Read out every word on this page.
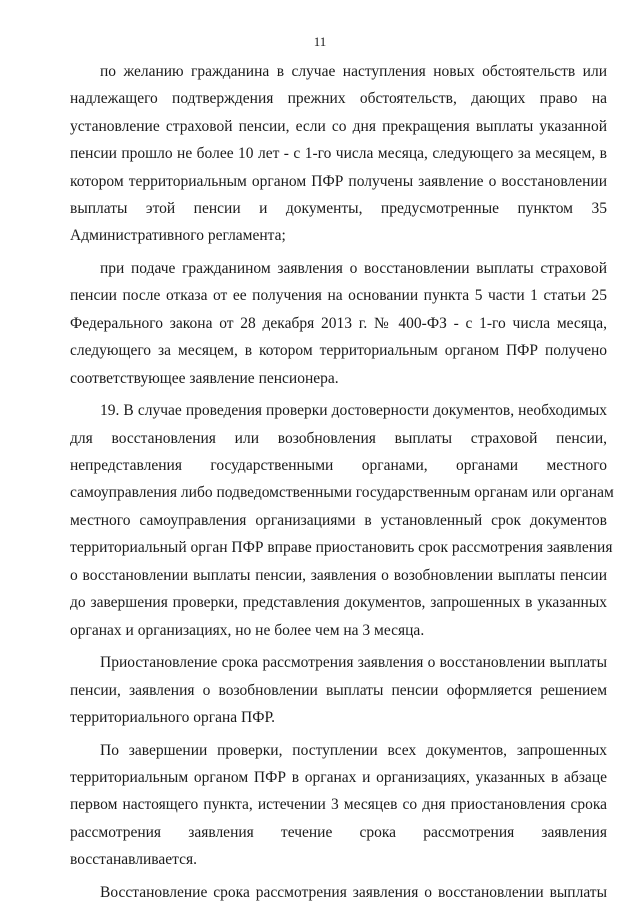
11
по желанию гражданина в случае наступления новых обстоятельств или
надлежащего подтверждения прежних обстоятельств, дающих право на
установление страховой пенсии, если со дня прекращения выплаты указанной
пенсии прошло не более 10 лет - с 1-го числа месяца, следующего за месяцем, в
котором территориальным органом ПФР получены заявление о восстановлении
выплаты этой пенсии и документы, предусмотренные пунктом 35
Административного регламента;
при подаче гражданином заявления о восстановлении выплаты страховой
пенсии после отказа от ее получения на основании пункта 5 части 1 статьи 25
Федерального закона от 28 декабря 2013 г. № 400-ФЗ - с 1-го числа месяца,
следующего за месяцем, в котором территориальным органом ПФР получено
соответствующее заявление пенсионера.
19. В случае проведения проверки достоверности документов, необходимых
для восстановления или возобновления выплаты страховой пенсии,
непредставления государственными органами, органами местного
самоуправления либо подведомственными государственным органам или органам
местного самоуправления организациями в установленный срок документов
территориальный орган ПФР вправе приостановить срок рассмотрения заявления
о восстановлении выплаты пенсии, заявления о возобновлении выплаты пенсии
до завершения проверки, представления документов, запрошенных в указанных
органах и организациях, но не более чем на 3 месяца.
Приостановление срока рассмотрения заявления о восстановлении выплаты
пенсии, заявления о возобновлении выплаты пенсии оформляется решением
территориального органа ПФР.
По завершении проверки, поступлении всех документов, запрошенных
территориальным органом ПФР в органах и организациях, указанных в абзаце
первом настоящего пункта, истечении 3 месяцев со дня приостановления срока
рассмотрения заявления течение срока рассмотрения заявления
восстанавливается.
Восстановление срока рассмотрения заявления о восстановлении выплаты
